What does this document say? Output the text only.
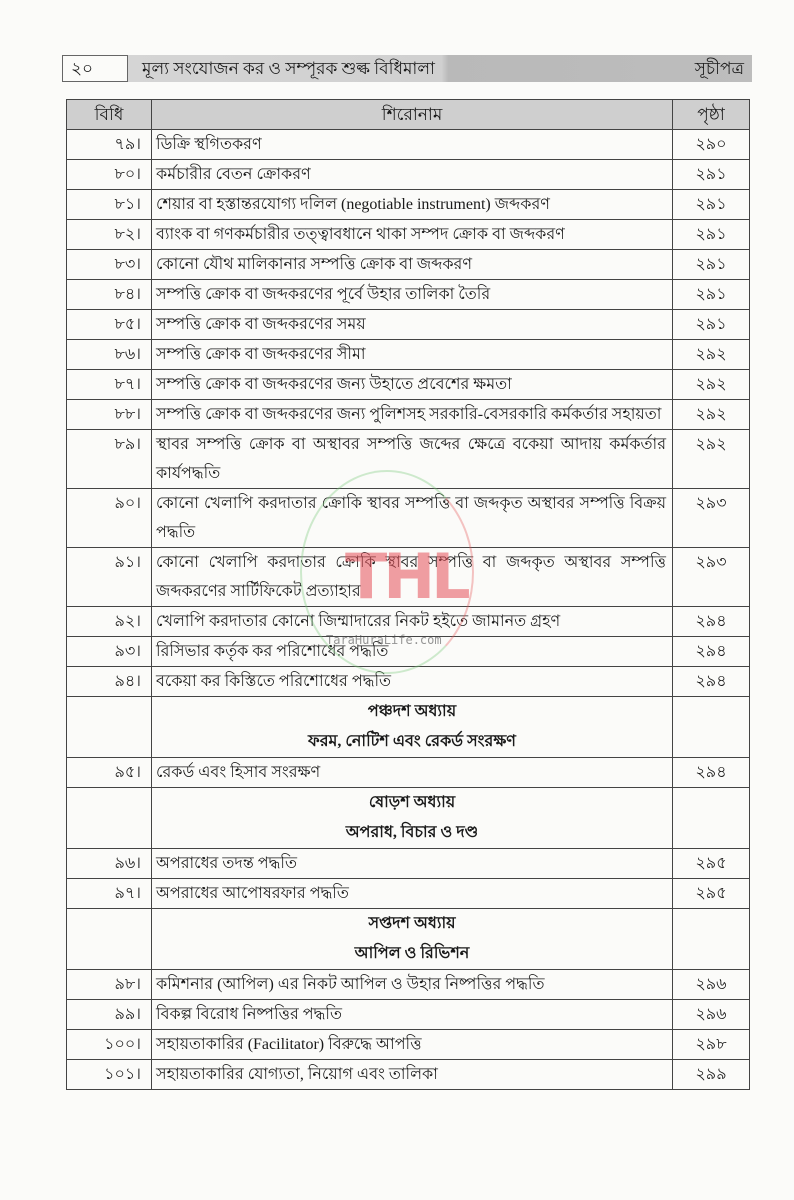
২০	মূল্য সংযোজন কর ও সম্পূরক শুল্ক বিধিমালা	সূচীপত্র
বিধি	শিরোনাম	পৃষ্ঠা
৭৯।	ডিক্রি স্থগিতকরণ	২৯০
৮০।	কর্মচারীর বেতন ক্রোকরণ	২৯১
৮১।	শেয়ার বা হস্তান্তরযোগ্য দলিল (negotiable instrument) জব্দকরণ	২৯১
৮২।	ব্যাংক বা গণকর্মচারীর তত্ত্বাবধানে থাকা সম্পদ ক্রোক বা জব্দকরণ	২৯১
৮৩।	কোনো যৌথ মালিকানার সম্পত্তি ক্রোক বা জব্দকরণ	২৯১
৮৪।	সম্পত্তি ক্রোক বা জব্দকরণের পূর্বে উহার তালিকা তৈরি	২৯১
৮৫।	সম্পত্তি ক্রোক বা জব্দকরণের সময়	২৯১
৮৬।	সম্পত্তি ক্রোক বা জব্দকরণের সীমা	২৯২
৮৭।	সম্পত্তি ক্রোক বা জব্দকরণের জন্য উহাতে প্রবেশের ক্ষমতা	২৯২
৮৮।	সম্পত্তি ক্রোক বা জব্দকরণের জন্য পুলিশসহ সরকারি-বেসরকারি কর্মকর্তার সহায়তা	২৯২
৮৯।	স্থাবর সম্পত্তি ক্রোক বা অস্থাবর সম্পত্তি জব্দের ক্ষেত্রে বকেয়া আদায় কর্মকর্তার কার্যপদ্ধতি	২৯২
৯০।	কোনো খেলাপি করদাতার ক্রোকি স্থাবর সম্পত্তি বা জব্দকৃত অস্থাবর সম্পত্তি বিক্রয় পদ্ধতি	২৯৩
৯১।	কোনো খেলাপি করদাতার ক্রোকি স্থাবর সম্পত্তি বা জব্দকৃত অস্থাবর সম্পত্তি জব্দকরণের সার্টিফিকেট প্রত্যাহার	২৯৩
৯২।	খেলাপি করদাতার কোনো জিম্মাদারের নিকট হইতে জামানত গ্রহণ	২৯৪
৯৩।	রিসিভার কর্তৃক কর পরিশোধের পদ্ধতি	২৯৪
৯৪।	বকেয়া কর কিস্তিতে পরিশোধের পদ্ধতি	২৯৪

	পঞ্চদশ অধ্যায়
ফরম, নোটিশ এবং রেকর্ড সংরক্ষণ	

৯৫।	রেকর্ড এবং হিসাব সংরক্ষণ	২৯৪

	ষোড়শ অধ্যায়
অপরাধ, বিচার ও দণ্ড	

৯৬।	অপরাধের তদন্ত পদ্ধতি	২৯৫
৯৭।	অপরাধের আপোষরফার পদ্ধতি	২৯৫

	সপ্তদশ অধ্যায়
আপিল ও রিভিশন	

৯৮।	কমিশনার (আপিল) এর নিকট আপিল ও উহার নিষ্পত্তির পদ্ধতি	২৯৬
৯৯।	বিকল্প বিরোধ নিষ্পত্তির পদ্ধতি	২৯৬
১০০।	সহায়তাকারির (Facilitator) বিরুদ্ধে আপত্তি	২৯৮
১০১।	সহায়তাকারির যোগ্যতা, নিয়োগ এবং তালিকা	২৯৯
THL
TaraHuraLife.com
